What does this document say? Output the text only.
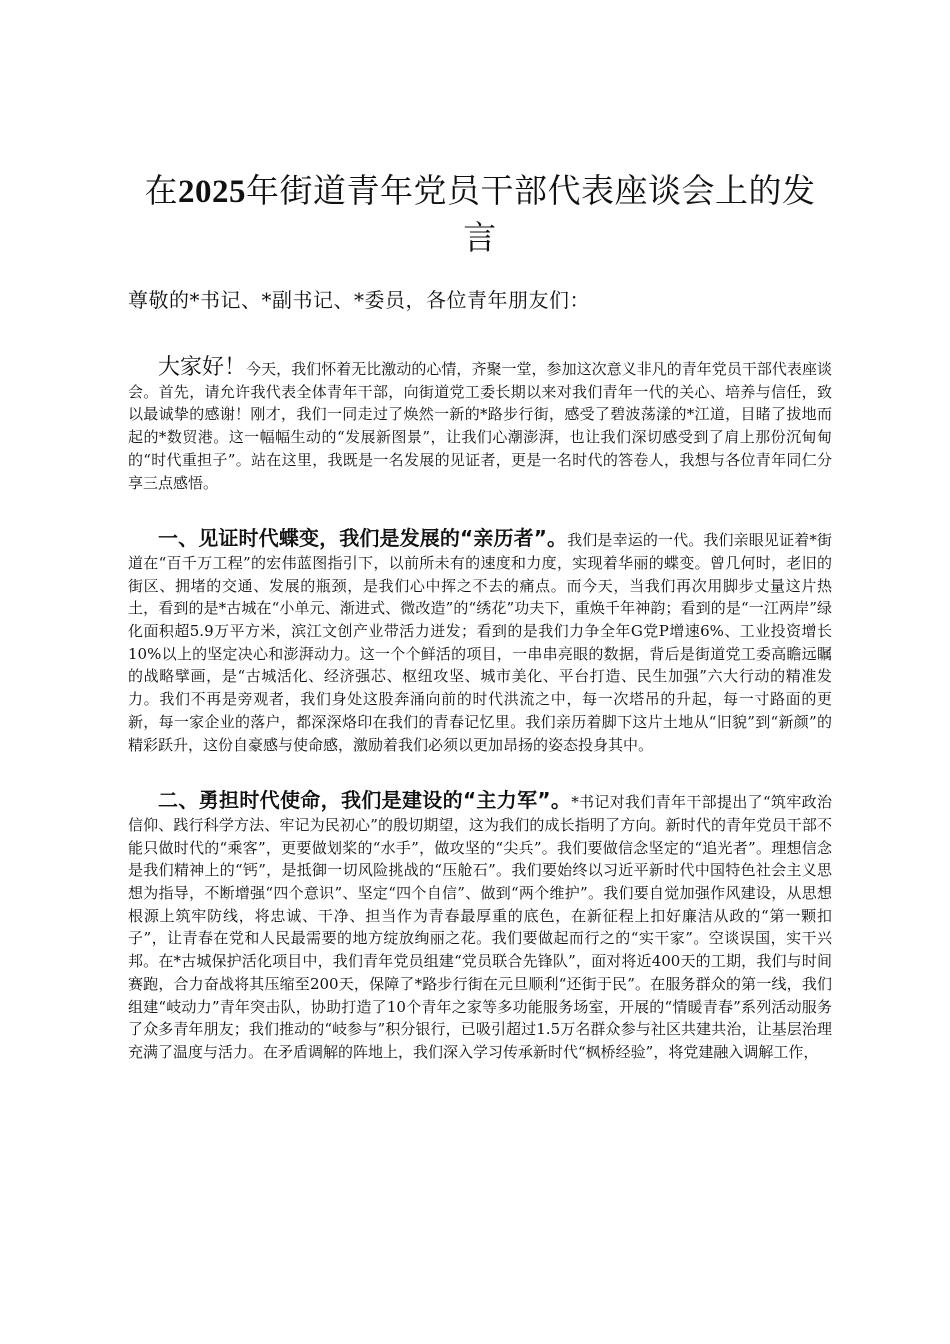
在2025年街道青年党员干部代表座谈会上的发言

尊敬的*书记、*副书记、*委员，各位青年朋友们：

大家好！今天，我们怀着无比激动的心情，齐聚一堂，参加这次意义非凡的青年党员干部代表座谈会。首先，请允许我代表全体青年干部，向街道党工委长期以来对我们青年一代的关心、培养与信任，致以最诚挚的感谢！刚才，我们一同走过了焕然一新的*路步行街，感受了碧波荡漾的*江道，目睹了拔地而起的*数贸港。这一幅幅生动的“发展新图景”，让我们心潮澎湃，也让我们深切感受到了肩上那份沉甸甸的“时代重担子”。站在这里，我既是一名发展的见证者，更是一名时代的答卷人，我想与各位青年同仁分享三点感悟。

一、见证时代蝶变，我们是发展的“亲历者”。我们是幸运的一代。我们亲眼见证着*街道在“百千万工程”的宏伟蓝图指引下，以前所未有的速度和力度，实现着华丽的蝶变。曾几何时，老旧的街区、拥堵的交通、发展的瓶颈，是我们心中挥之不去的痛点。而今天，当我们再次用脚步丈量这片热土，看到的是*古城在“小单元、渐进式、微改造”的“绣花”功夫下，重焕千年神韵；看到的是“一江两岸”绿化面积超5.9万平方米，滨江文创产业带活力迸发；看到的是我们力争全年G党P增速6%、工业投资增长10%以上的坚定决心和澎湃动力。这一个个鲜活的项目，一串串亮眼的数据，背后是街道党工委高瞻远瞩的战略擘画，是“古城活化、经济强芯、枢纽攻坚、城市美化、平台打造、民生加强”六大行动的精准发力。我们不再是旁观者，我们身处这股奔涌向前的时代洪流之中，每一次塔吊的升起，每一寸路面的更新，每一家企业的落户，都深深烙印在我们的青春记忆里。我们亲历着脚下这片土地从“旧貌”到“新颜”的精彩跃升，这份自豪感与使命感，激励着我们必须以更加昂扬的姿态投身其中。

二、勇担时代使命，我们是建设的“主力军”。*书记对我们青年干部提出了“筑牢政治信仰、践行科学方法、牢记为民初心”的殷切期望，这为我们的成长指明了方向。新时代的青年党员干部不能只做时代的“乘客”，更要做划桨的“水手”，做攻坚的“尖兵”。我们要做信念坚定的“追光者”。理想信念是我们精神上的“钙”，是抵御一切风险挑战的“压舱石”。我们要始终以习近平新时代中国特色社会主义思想为指导，不断增强“四个意识”、坚定“四个自信”、做到“两个维护”。我们要自觉加强作风建设，从思想根源上筑牢防线，将忠诚、干净、担当作为青春最厚重的底色，在新征程上扣好廉洁从政的“第一颗扣子”，让青春在党和人民最需要的地方绽放绚丽之花。我们要做起而行之的“实干家”。空谈误国，实干兴邦。在*古城保护活化项目中，我们青年党员组建“党员联合先锋队”，面对将近400天的工期，我们与时间赛跑，合力奋战将其压缩至200天，保障了*路步行街在元旦顺利“还街于民”。在服务群众的第一线，我们组建“岐动力”青年突击队，协助打造了10个青年之家等多功能服务场室，开展的“情暖青春”系列活动服务了众多青年朋友；我们推动的“岐参与”积分银行，已吸引超过1.5万名群众参与社区共建共治，让基层治理充满了温度与活力。在矛盾调解的阵地上，我们深入学习传承新时代“枫桥经验”，将党建融入调解工作，
